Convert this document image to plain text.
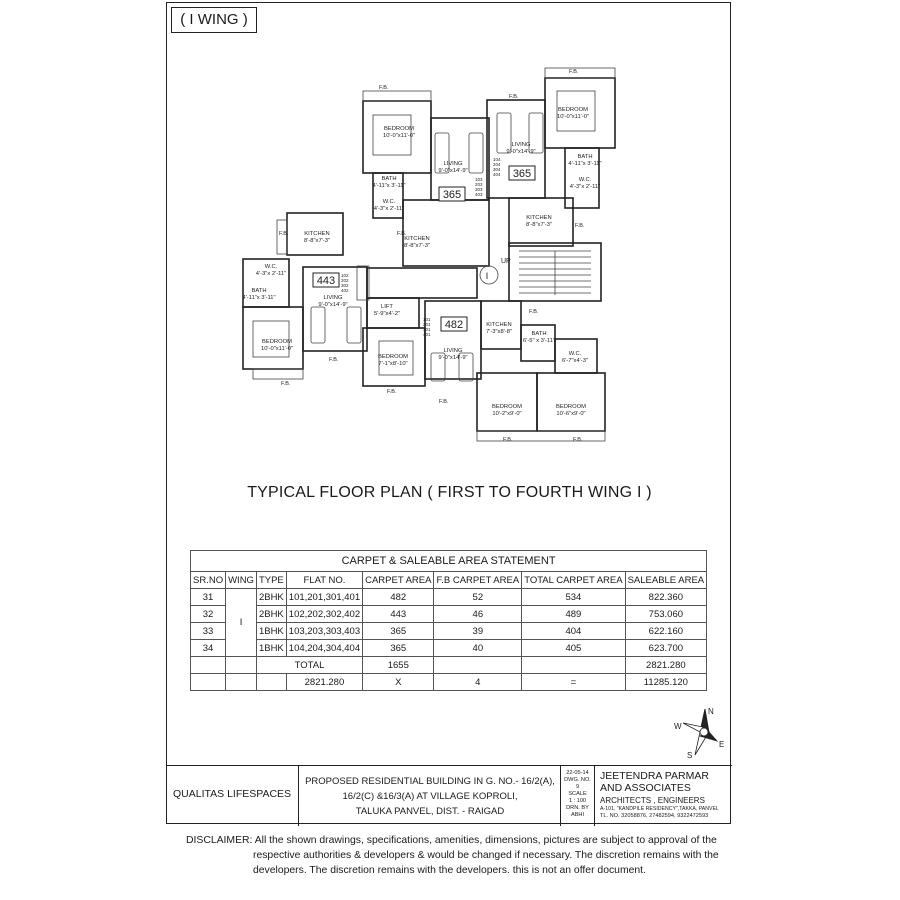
( I WING )
365
365
443
482
I
UP
F.B.
F.B.
F.B.
F.B.	F.B.
F.B.
F.B.
F.B.
F.B.
F.B.
F.B.	F.B.
F.B.
104
204
304
404
103
203
303
403
102
202
302
402
101
201
301
401
BEDROOM
10'-0"x11'-0"
LIVING
9'-0"x14'-9"
BATH
4'-11"x 3'-11"
W.C.
4'-3"x 2'-11"
KITCHEN
8'-8"x7'-3"
LIVING
9'-0"x14'-9"
BEDROOM
10'-0"x11'-0"
BATH
4'-11"x 3'-11"
W.C.
4'-3"x 2'-11"
KITCHEN
8'-8"x7'-3"
KITCHEN
8'-8"x7'-3"
W.C.
4'-3"x 2'-11"
BATH
4'-11"x 3'-11"	LIVING
9'-0"x14'-9"
BEDROOM
10'-0"x11'-0"
LIFT
5'-9"x4'-2"
BEDROOM
7'-1"x8'-10"
LIVING
9'-0"x14'-9"
KITCHEN
7'-3"x8'-8"	BATH
6'-5" x 3'-11"
W.C.
6'-7"x4'-3"
BEDROOM
10'-2"x9'-0"
BEDROOM
10'-6"x9'-0"
TYPICAL FLOOR PLAN ( FIRST TO FOURTH WING I )
CARPET & SALEABLE AREA STATEMENT
SR.NO	WING	TYPE	FLAT NO.	CARPET AREA	F.B CARPET AREA	TOTAL CARPET AREA	SALEABLE AREA
31	I	2BHK	101,201,301,401	482	52	534	822.360
32		2BHK	102,202,302,402	443	46	489	753.060
33		1BHK	103,203,303,403	365	39	404	622.160
34		1BHK	104,204,304,404	365	40	405	623.700
		TOTAL		1655			2821.280
			2821.280	X	4	=	11285.120
N
S
E
W
QUALITAS LIFESPACES
PROPOSED RESIDENTIAL BUILDING IN G. NO.- 16/2(A),
16/2(C) &16/3(A) AT VILLAGE KOPROLI,
TALUKA PANVEL, DIST. - RAIGAD
22-05-14
DWG. NO.
9
SCALE
1 : 100
DRN. BY
ABHI
JEETENDRA PARMAR
AND ASSOCIATES
ARCHITECTS , ENGINEERS
A-101, "KANDPILE RESIDENCY",TAKKA, PANVEL
TL. NO. 32058876, 27482594, 9322472593
DISCLAIMER: All the shown drawings, specifications, amenities, dimensions, pictures are subject to approval of the
respective authorities & developers & would be changed if necessary. The discretion remains with the
developers. The discretion remains with the developers. this is not an offer document.
